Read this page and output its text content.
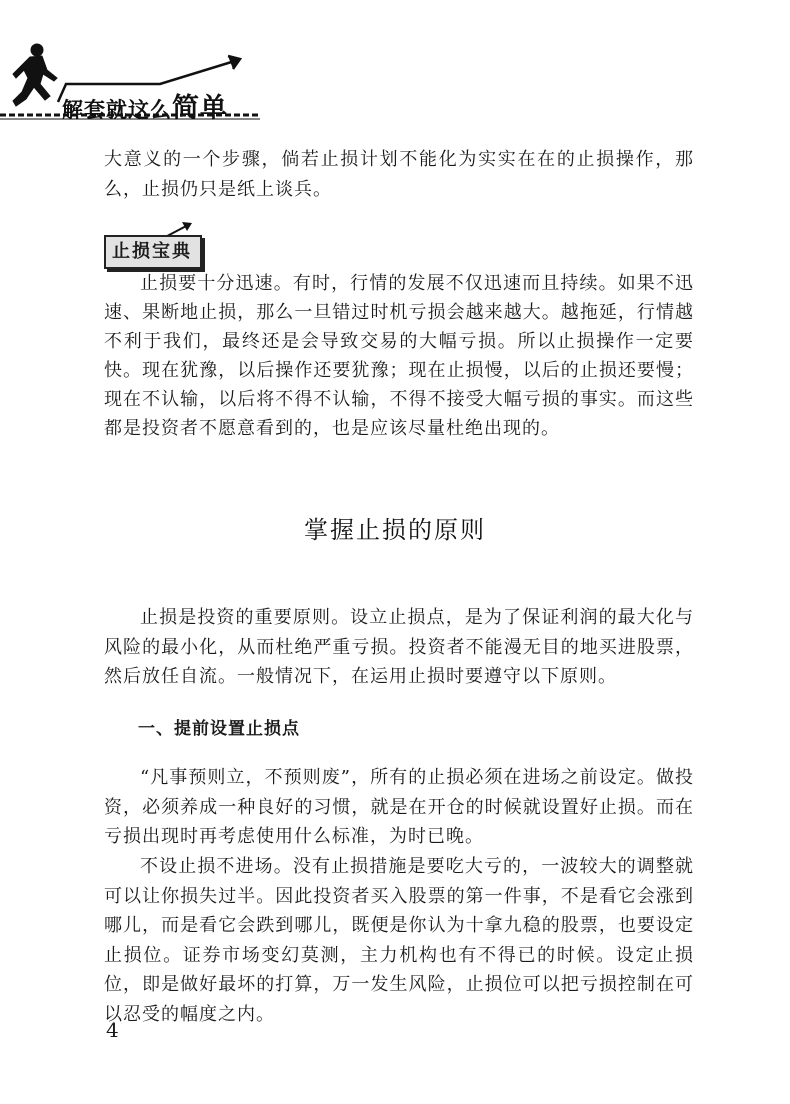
解套就这么简单

大意义的一个步骤，倘若止损计划不能化为实实在在的止损操作，那么，止损仍只是纸上谈兵。

止损宝典

止损要十分迅速。有时，行情的发展不仅迅速而且持续。如果不迅速、果断地止损，那么一旦错过时机亏损会越来越大。越拖延，行情越不利于我们，最终还是会导致交易的大幅亏损。所以止损操作一定要快。现在犹豫，以后操作还要犹豫；现在止损慢，以后的止损还要慢；现在不认输，以后将不得不认输，不得不接受大幅亏损的事实。而这些都是投资者不愿意看到的，也是应该尽量杜绝出现的。

掌握止损的原则

止损是投资的重要原则。设立止损点，是为了保证利润的最大化与风险的最小化，从而杜绝严重亏损。投资者不能漫无目的地买进股票，然后放任自流。一般情况下，在运用止损时要遵守以下原则。

一、提前设置止损点

“凡事预则立，不预则废”，所有的止损必须在进场之前设定。做投资，必须养成一种良好的习惯，就是在开仓的时候就设置好止损。而在亏损出现时再考虑使用什么标准，为时已晚。

不设止损不进场。没有止损措施是要吃大亏的，一波较大的调整就可以让你损失过半。因此投资者买入股票的第一件事，不是看它会涨到哪儿，而是看它会跌到哪儿，既便是你认为十拿九稳的股票，也要设定止损位。证券市场变幻莫测，主力机构也有不得已的时候。设定止损位，即是做好最坏的打算，万一发生风险，止损位可以把亏损控制在可以忍受的幅度之内。

4
